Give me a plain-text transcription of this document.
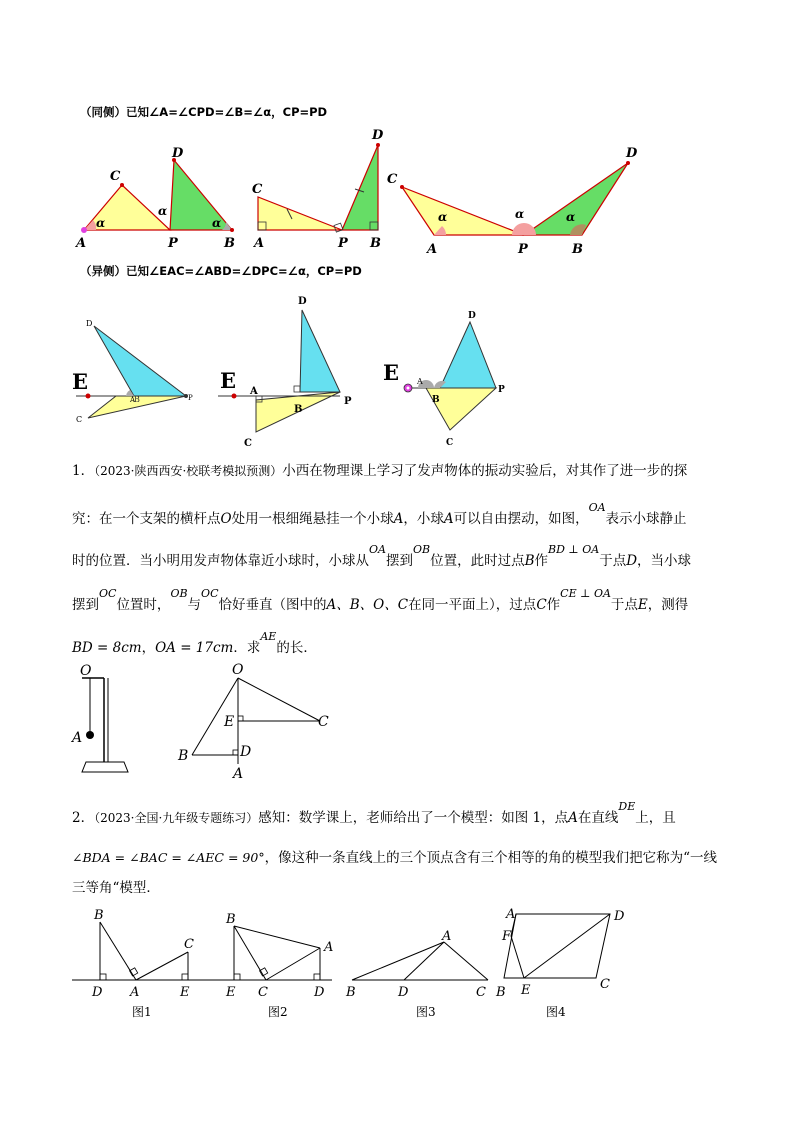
（同侧）已知∠A=∠CPD=∠B=∠α，CP=PD
A
C
D
P	B
α
α
α
C
D
A	P B
C
D
A	P	B
α	α	α
（异侧）已知∠EAC=∠ABD=∠DPC=∠α，CP=PD
E
D
A
B	P
C
E
D
A
B
P
C
E
D
A
B
P
C
1．（2023·陕西西安·校联考模拟预测）小西在物理课上学习了发声物体的振动实验后，对其作了进一步的探
究：在一个支架的横杆点O处用一根细绳悬挂一个小球A，小球A可以自由摆动，如图，$^{OA}$表示小球静止
时的位置．当小明用发声物体靠近小球时，小球从$^{OA}$摆到$^{OB}$位置，此时过点B作$^{BD \perp OA}$于点D，当小球
摆到$^{OC}$位置时，$^{OB}$与$^{OC}$恰好垂直（图中的A、B、O、C在同一平面上），过点C作$^{CE \perp OA}$于点E，测得
BD = 8cm，OA = 17cm．求$^{AE}$的长．
O
A
O
E	C
B	D
A
2．（2023·全国·九年级专题练习）感知：数学课上，老师给出了一个模型：如图 1，点A在直线$^{DE}$上，且
∠BDA = ∠BAC = ∠AEC = 90°，像这种一条直线上的三个顶点含有三个相等的角的模型我们把它称为“一线
三等角“模型．
B
C
D A	E
图1
B
A
E C	D
图2
A
B	D	C
图3
A	D
F
B E	C
图4
